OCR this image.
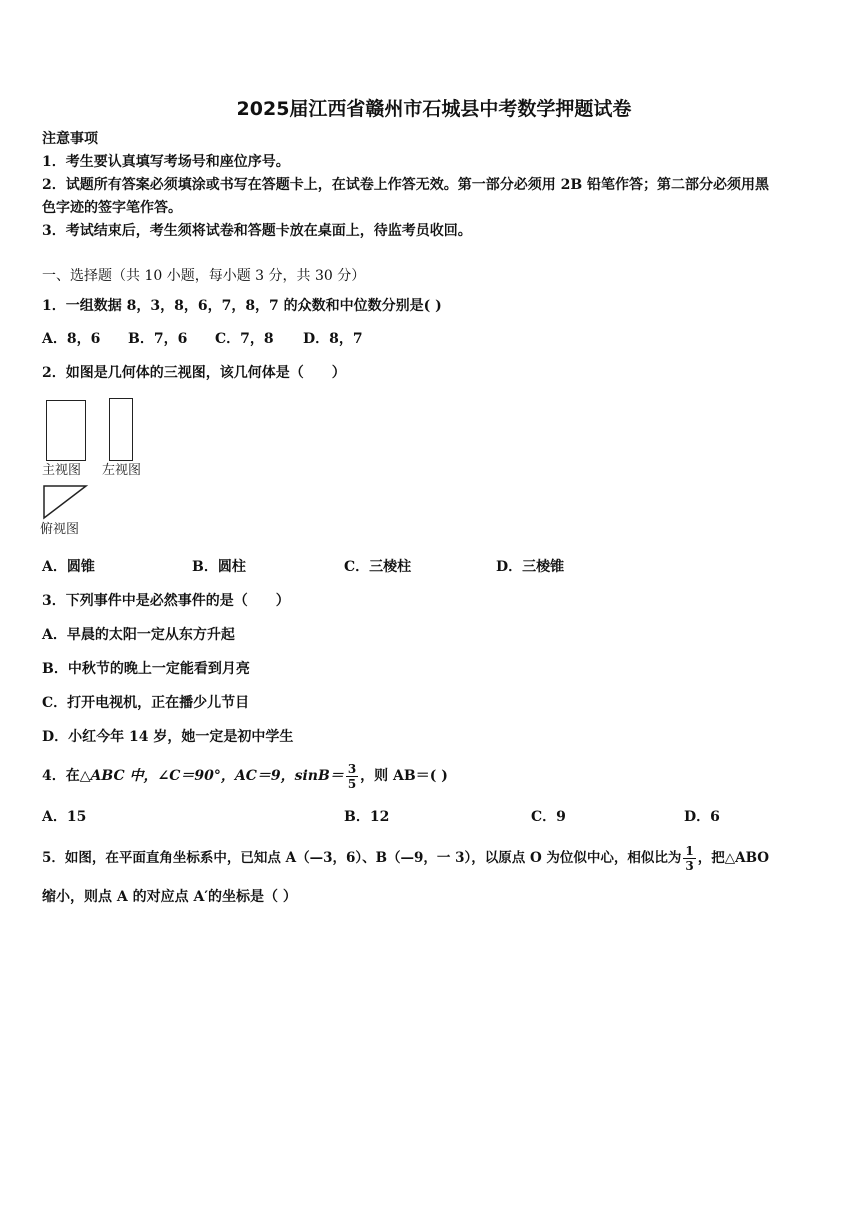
2025届江西省赣州市石城县中考数学押题试卷
注意事项
1．考生要认真填写考场号和座位序号。
2．试题所有答案必须填涂或书写在答题卡上，在试卷上作答无效。第一部分必须用 2B 铅笔作答；第二部分必须用黑
色字迹的签字笔作答。
3．考试结束后，考生须将试卷和答题卡放在桌面上，待监考员收回。
一、选择题（共 10 小题，每小题 3 分，共 30 分）
1．一组数据 8，3，8，6，7，8，7 的众数和中位数分别是( )
A．8，6 B．7，6 C．7，8 D．8，7
2．如图是几何体的三视图，该几何体是（　　）
主视图 左视图
俯视图
A．圆锥	B．圆柱	C．三棱柱	D．三棱锥
3．下列事件中是必然事件的是（　　）
A．早晨的太阳一定从东方升起
B．中秋节的晚上一定能看到月亮
C．打开电视机，正在播少儿节目
D．小红今年 14 岁，她一定是初中学生
4．在△ABC 中，∠C＝90°，AC＝9，$\sin B= \frac{3}{5}$ ，则 AB＝( )
A．15	B．12	C．9	D．6
5．如图，在平面直角坐标系中，已知点 A（—3，6）、B（—9，一 3），以原点 O 为位似中心，相似比为 $\frac{1}{3}$ ，把△ABO
缩小，则点 A 的对应点 A′的坐标是（ ）
